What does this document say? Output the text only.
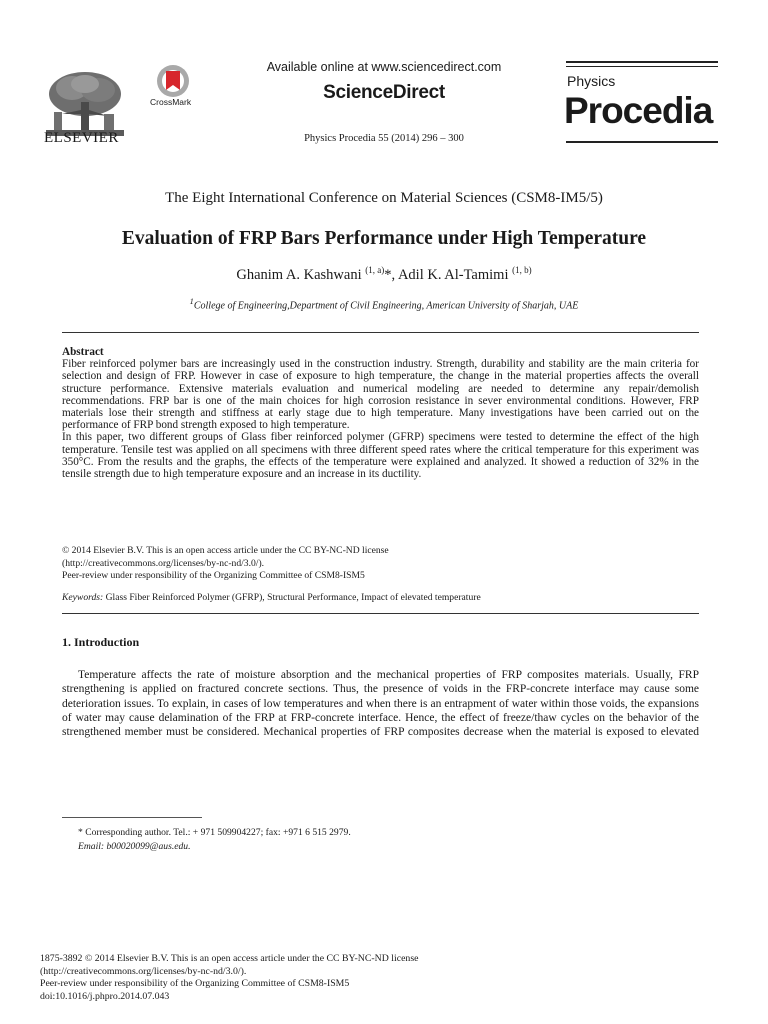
ELSEVIER
CrossMark
Available online at www.sciencedirect.com
ScienceDirect
Physics Procedia 55 (2014) 296 – 300
Physics
Procedia
The Eight International Conference on Material Sciences (CSM8-IM5/5)
Evaluation of FRP Bars Performance under High Temperature
Ghanim A. Kashwani $^{(1, a)}$*, Adil K. Al-Tamimi $^{(1, b)}$
$^1$College of Engineering,Department of Civil Engineering, American University of Sharjah, UAE
Abstract

Fiber reinforced polymer bars are increasingly used in the construction industry. Strength, durability and stability are the main criteria for selection and design of FRP. However in case of exposure to high temperature, the change in the material properties affects the overall structure performance. Extensive materials evaluation and numerical modeling are needed to determine any repair/demolish recommendations. FRP bar is one of the main choices for high corrosion resistance in sever environmental conditions. However, FRP materials lose their strength and stiffness at early stage due to high temperature. Many investigations have been carried out on the performance of FRP bond strength exposed to high temperature.

In this paper, two different groups of Glass fiber reinforced polymer (GFRP) specimens were tested to determine the effect of the high temperature. Tensile test was applied on all specimens with three different speed rates where the critical temperature for this experiment was 350°C. From the results and the graphs, the effects of the temperature were explained and analyzed. It showed a reduction of 32% in the tensile strength due to high temperature exposure and an increase in its ductility.

© 2014 Elsevier B.V. This is an open access article under the CC BY-NC-ND license
(http://creativecommons.org/licenses/by-nc-nd/3.0/).
Peer-review under responsibility of the Organizing Committee of CSM8-ISM5
Keywords: Glass Fiber Reinforced Polymer (GFRP), Structural Performance, Impact of elevated temperature
1. Introduction

Temperature affects the rate of moisture absorption and the mechanical properties of FRP composites materials. Usually, FRP strengthening is applied on fractured concrete sections. Thus, the presence of voids in the FRP-concrete interface may cause some deterioration issues. To explain, in cases of low temperatures and when there is an entrapment of water within those voids, the expansions of water may cause delamination of the FRP at FRP-concrete interface. Hence, the effect of freeze/thaw cycles on the behavior of the strengthened member must be considered. Mechanical properties of FRP composites decrease when the material is exposed to elevated

* Corresponding author. Tel.: + 971 509904227; fax: +971 6 515 2979.
Email: b00020099@aus.edu.
1875-3892 © 2014 Elsevier B.V. This is an open access article under the CC BY-NC-ND license
(http://creativecommons.org/licenses/by-nc-nd/3.0/).
Peer-review under responsibility of the Organizing Committee of CSM8-ISM5
doi:10.1016/j.phpro.2014.07.043
